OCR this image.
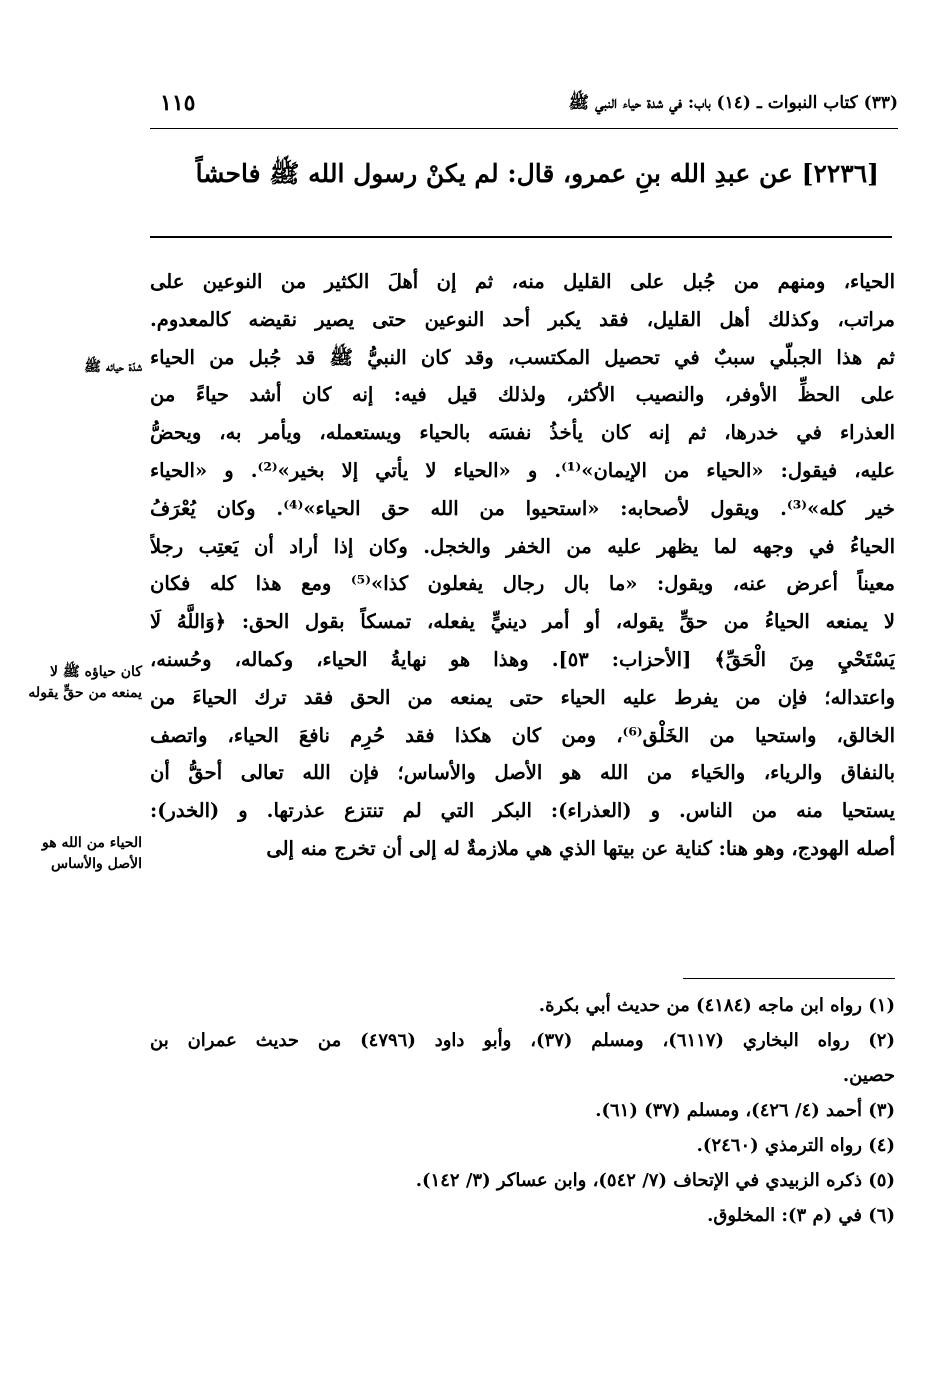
١١٥	(٣٣) كتاب النبوات ـ (١٤) باب: في شدة حياء النبي ﷺ
[٢٢٣٦] عن عبدِ الله بنِ عمرو، قال: لم يكنْ رسول الله ﷺ فاحشاً
الحياء، ومنهم من جُبل على القليل منه، ثم إن أهلَ الكثير من النوعين على
مراتب، وكذلك أهل القليل، فقد يكبر أحد النوعين حتى يصير نقيضه كالمعدوم.
ثم هذا الجبلّي سببٌ في تحصيل المكتسب، وقد كان النبيُّ ﷺ قد جُبل من الحياء
على الحظِّ الأوفر، والنصيب الأكثر، ولذلك قيل فيه: إنه كان أشد حياءً من
العذراء في خدرها، ثم إنه كان يأخذُ نفسَه بالحياء ويستعمله، ويأمر به، ويحضُّ
عليه، فيقول: «الحياء من الإيمان»⁽¹⁾. و «الحياء لا يأتي إلا بخير»⁽²⁾. و «الحياء
خير كله»⁽³⁾. ويقول لأصحابه: «استحيوا من الله حق الحياء»⁽⁴⁾. وكان يُعْرَفُ
الحياءُ في وجهه لما يظهر عليه من الخفر والخجل. وكان إذا أراد أن يَعتِب رجلاً
معيناً أعرض عنه، ويقول: «ما بال رجال يفعلون كذا»⁽⁵⁾ ومع هذا كله فكان
لا يمنعه الحياءُ من حقٍّ يقوله، أو أمر دينيٍّ يفعله، تمسكاً بقول الحق: ﴿وَاللَّهُ لَا
يَسْتَحْيِ مِنَ الْحَقِّ﴾ [الأحزاب: ٥٣]. وهذا هو نهايةُ الحياء، وكماله، وحُسنه،
واعتداله؛ فإن من يفرط عليه الحياء حتى يمنعه من الحق فقد ترك الحياءَ من
الخالق، واستحيا من الخَلْق⁽⁶⁾، ومن كان هكذا فقد حُرِم نافعَ الحياء، واتصف
بالنفاق والرياء، والحَياء من الله هو الأصل والأساس؛ فإن الله تعالى أحقُّ أن
يستحيا منه من الناس. و (العذراء): البكر التي لم تنتزع عذرتها. و (الخدر):
أصله الهودج، وهو هنا: كناية عن بيتها الذي هي ملازمةٌ له إلى أن تخرج منه إلى
شدّة حيائه ﷺ
كان حياؤه ﷺ لا يمنعه من حقٍّ يقوله
الحياء من الله هو الأصل والأساس
(١) رواه ابن ماجه (٤١٨٤) من حديث أبي بكرة.
(٢) رواه البخاري (٦١١٧)، ومسلم (٣٧)، وأبو داود (٤٧٩٦) من حديث عمران بن
حصين.
(٣) أحمد (٤/ ٤٢٦)، ومسلم (٣٧) (٦١).
(٤) رواه الترمذي (٢٤٦٠).
(٥) ذكره الزبيدي في الإتحاف (٧/ ٥٤٢)، وابن عساكر (٣/ ١٤٢).
(٦) في (م ٣): المخلوق.
